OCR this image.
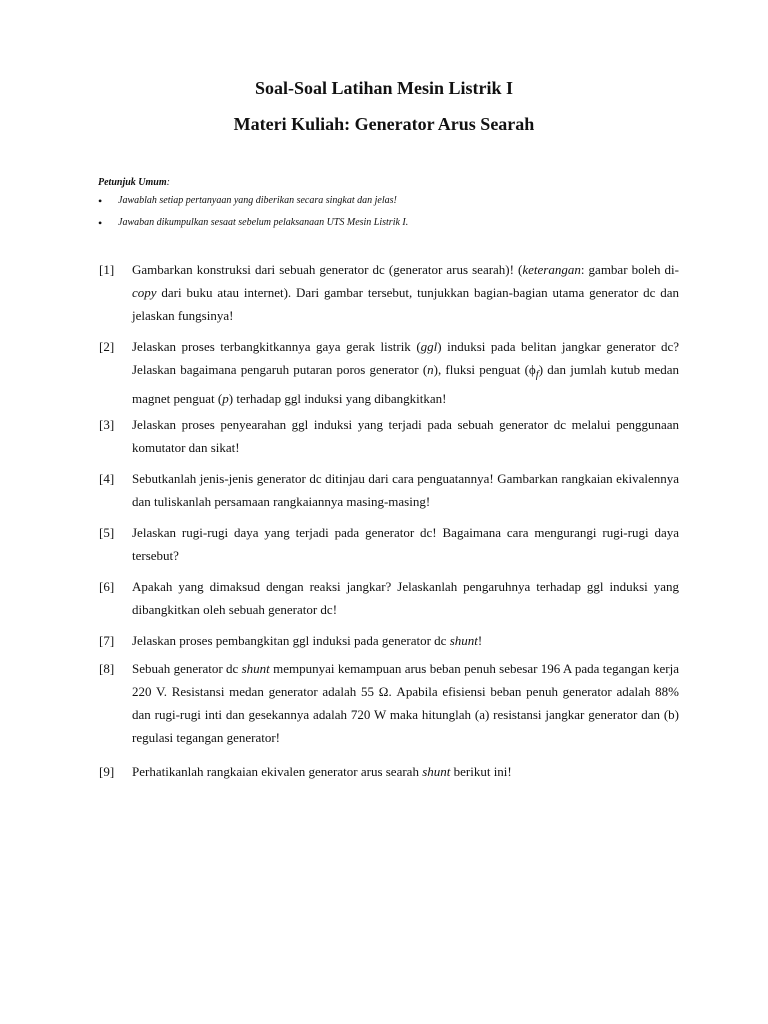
Soal-Soal Latihan Mesin Listrik I
Materi Kuliah: Generator Arus Searah
Petunjuk Umum:
• Jawablah setiap pertanyaan yang diberikan secara singkat dan jelas!
• Jawaban dikumpulkan sesaat sebelum pelaksanaan UTS Mesin Listrik I.
[1] Gambarkan konstruksi dari sebuah generator dc (generator arus searah)! (keterangan: gambar boleh di-copy dari buku atau internet). Dari gambar tersebut, tunjukkan bagian-bagian utama generator dc dan jelaskan fungsinya!
[2] Jelaskan proses terbangkitkannya gaya gerak listrik (ggl) induksi pada belitan jangkar generator dc? Jelaskan bagaimana pengaruh putaran poros generator (n), fluksi penguat $(\phi_f)$ dan jumlah kutub medan magnet penguat (p) terhadap ggl induksi yang dibangkitkan!
[3] Jelaskan proses penyearahan ggl induksi yang terjadi pada sebuah generator dc melalui penggunaan komutator dan sikat!
[4] Sebutkanlah jenis-jenis generator dc ditinjau dari cara penguatannya! Gambarkan rangkaian ekivalennya dan tuliskanlah persamaan rangkaiannya masing-masing!
[5] Jelaskan rugi-rugi daya yang terjadi pada generator dc! Bagaimana cara mengurangi rugi-rugi daya tersebut?
[6] Apakah yang dimaksud dengan reaksi jangkar? Jelaskanlah pengaruhnya terhadap ggl induksi yang dibangkitkan oleh sebuah generator dc!
[7] Jelaskan proses pembangkitan ggl induksi pada generator dc shunt!
[8] Sebuah generator dc shunt mempunyai kemampuan arus beban penuh sebesar 196 A pada tegangan kerja 220 V. Resistansi medan generator adalah 55 Ω. Apabila efisiensi beban penuh generator adalah 88% dan rugi-rugi inti dan gesekannya adalah 720 W maka hitunglah (a) resistansi jangkar generator dan (b) regulasi tegangan generator!
[9] Perhatikanlah rangkaian ekivalen generator arus searah shunt berikut ini!
